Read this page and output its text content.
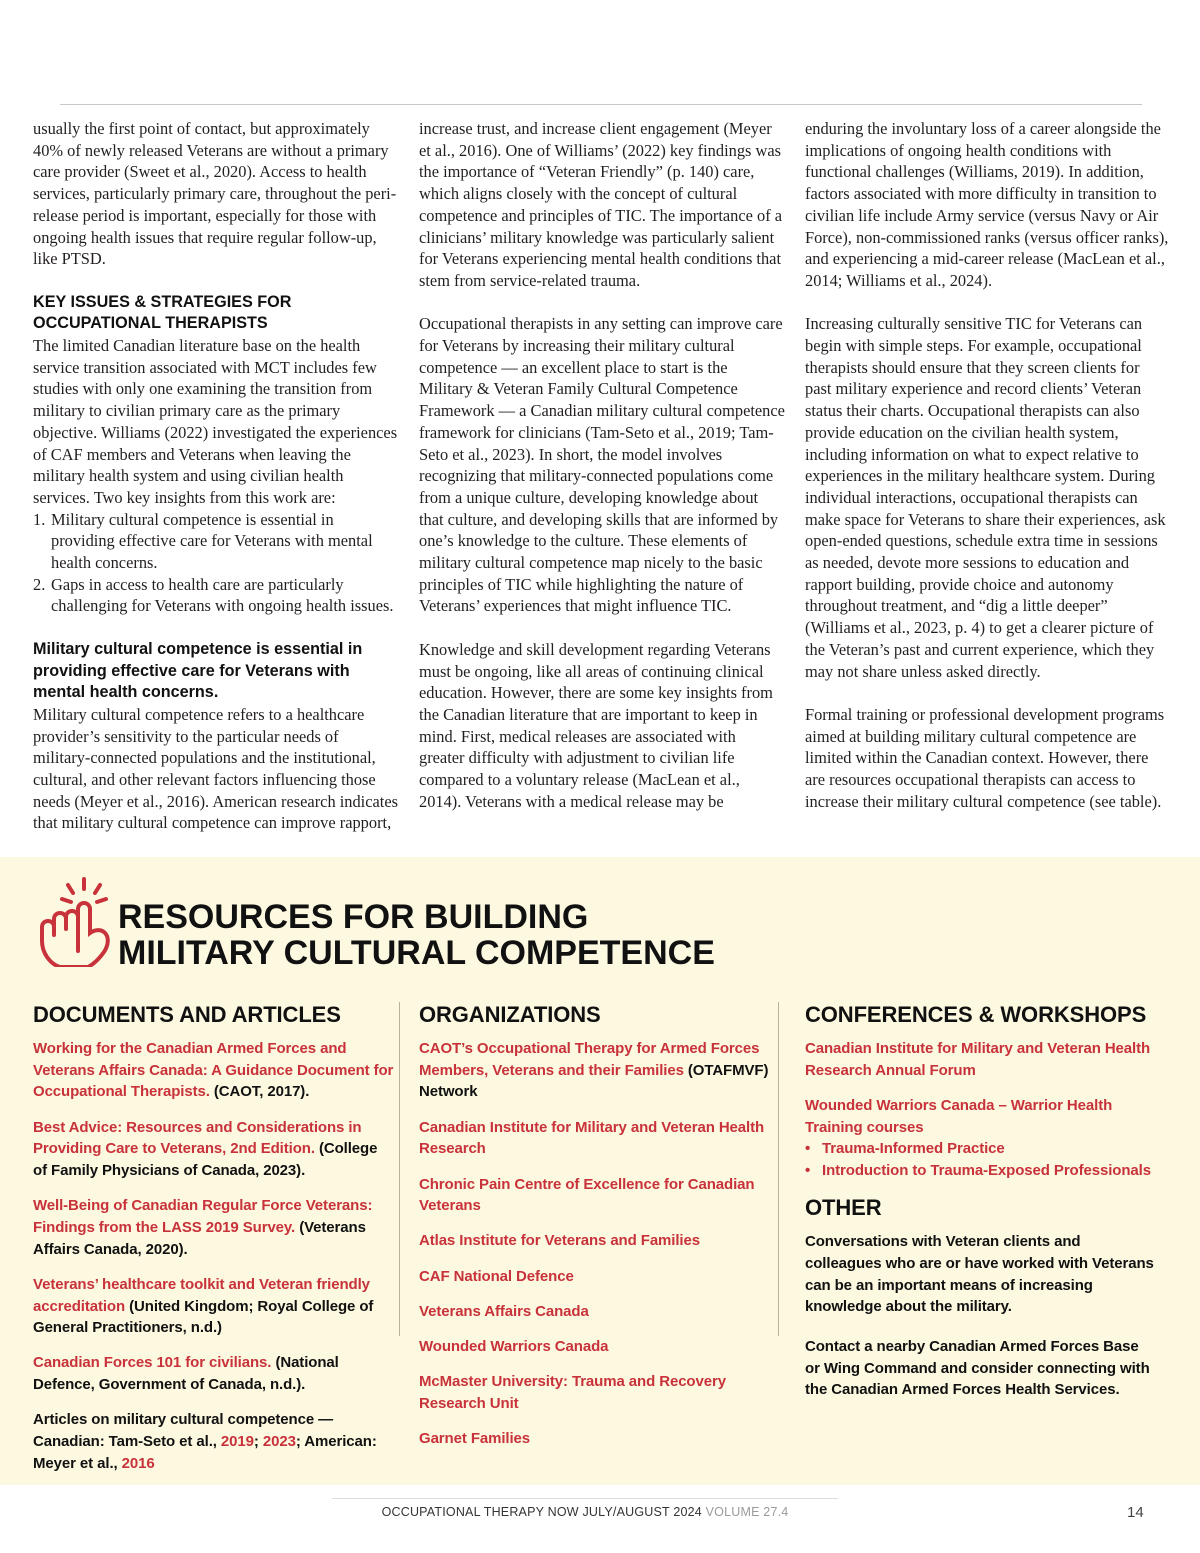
usually the first point of contact, but approximately 40% of newly released Veterans are without a primary care provider (Sweet et al., 2020). Access to health services, particularly primary care, throughout the peri-release period is important, especially for those with ongoing health issues that require regular follow-up, like PTSD.

KEY ISSUES & STRATEGIES FOR OCCUPATIONAL THERAPISTS

The limited Canadian literature base on the health service transition associated with MCT includes few studies with only one examining the transition from military to civilian primary care as the primary objective. Williams (2022) investigated the experiences of CAF members and Veterans when leaving the military health system and using civilian health services. Two key insights from this work are:

1. Military cultural competence is essential in providing effective care for Veterans with mental health concerns.
2. Gaps in access to health care are particularly challenging for Veterans with ongoing health issues.
Military cultural competence is essential in providing effective care for Veterans with mental health concerns.

Military cultural competence refers to a healthcare provider’s sensitivity to the particular needs of military-connected populations and the institutional, cultural, and other relevant factors influencing those needs (Meyer et al., 2016). American research indicates that military cultural competence can improve rapport,

increase trust, and increase client engagement (Meyer et al., 2016). One of Williams’ (2022) key findings was the importance of “Veteran Friendly” (p. 140) care, which aligns closely with the concept of cultural competence and principles of TIC. The importance of a clinicians’ military knowledge was particularly salient for Veterans experiencing mental health conditions that stem from service-related trauma.

Occupational therapists in any setting can improve care for Veterans by increasing their military cultural competence — an excellent place to start is the Military & Veteran Family Cultural Competence Framework — a Canadian military cultural competence framework for clinicians (Tam-Seto et al., 2019; Tam-Seto et al., 2023). In short, the model involves recognizing that military-connected populations come from a unique culture, developing knowledge about that culture, and developing skills that are informed by one’s knowledge to the culture. These elements of military cultural competence map nicely to the basic principles of TIC while highlighting the nature of Veterans’ experiences that might influence TIC.

Knowledge and skill development regarding Veterans must be ongoing, like all areas of continuing clinical education. However, there are some key insights from the Canadian literature that are important to keep in mind. First, medical releases are associated with greater difficulty with adjustment to civilian life compared to a voluntary release (MacLean et al., 2014). Veterans with a medical release may be

enduring the involuntary loss of a career alongside the implications of ongoing health conditions with functional challenges (Williams, 2019). In addition, factors associated with more difficulty in transition to civilian life include Army service (versus Navy or Air Force), non-commissioned ranks (versus officer ranks), and experiencing a mid-career release (MacLean et al., 2014; Williams et al., 2024).

Increasing culturally sensitive TIC for Veterans can begin with simple steps. For example, occupational therapists should ensure that they screen clients for past military experience and record clients’ Veteran status their charts. Occupational therapists can also provide education on the civilian health system, including information on what to expect relative to experiences in the military healthcare system. During individual interactions, occupational therapists can make space for Veterans to share their experiences, ask open-ended questions, schedule extra time in sessions as needed, devote more sessions to education and rapport building, provide choice and autonomy throughout treatment, and “dig a little deeper” (Williams et al., 2023, p. 4) to get a clearer picture of the Veteran’s past and current experience, which they may not share unless asked directly.

Formal training or professional development programs aimed at building military cultural competence are limited within the Canadian context. However, there are resources occupational therapists can access to increase their military cultural competence (see table).

RESOURCES FOR BUILDING
MILITARY CULTURAL COMPETENCE
DOCUMENTS AND ARTICLES
Working for the Canadian Armed Forces and Veterans Affairs Canada: A Guidance Document for Occupational Therapists. (CAOT, 2017).
Best Advice: Resources and Considerations in Providing Care to Veterans, 2nd Edition. (College of Family Physicians of Canada, 2023).
Well-Being of Canadian Regular Force Veterans: Findings from the LASS 2019 Survey. (Veterans Affairs Canada, 2020).
Veterans’ healthcare toolkit and Veteran friendly accreditation (United Kingdom; Royal College of General Practitioners, n.d.)
Canadian Forces 101 for civilians. (National Defence, Government of Canada, n.d.).
Articles on military cultural competence — Canadian: Tam-Seto et al., 2019; 2023; American: Meyer et al., 2016
ORGANIZATIONS
CAOT’s Occupational Therapy for Armed Forces Members, Veterans and their Families (OTAFMVF) Network
Canadian Institute for Military and Veteran Health Research
Chronic Pain Centre of Excellence for Canadian Veterans
Atlas Institute for Veterans and Families
CAF National Defence
Veterans Affairs Canada
Wounded Warriors Canada
McMaster University: Trauma and Recovery Research Unit
Garnet Families
CONFERENCES & WORKSHOPS
Canadian Institute for Military and Veteran Health Research Annual Forum
Wounded Warriors Canada – Warrior Health Training courses
• Trauma-Informed Practice
• Introduction to Trauma-Exposed Professionals
OTHER
Conversations with Veteran clients and colleagues who are or have worked with Veterans can be an important means of increasing knowledge about the military.
Contact a nearby Canadian Armed Forces Base or Wing Command and consider connecting with the Canadian Armed Forces Health Services.
OCCUPATIONAL THERAPY NOW JULY/AUGUST 2024 VOLUME 27.4	14
